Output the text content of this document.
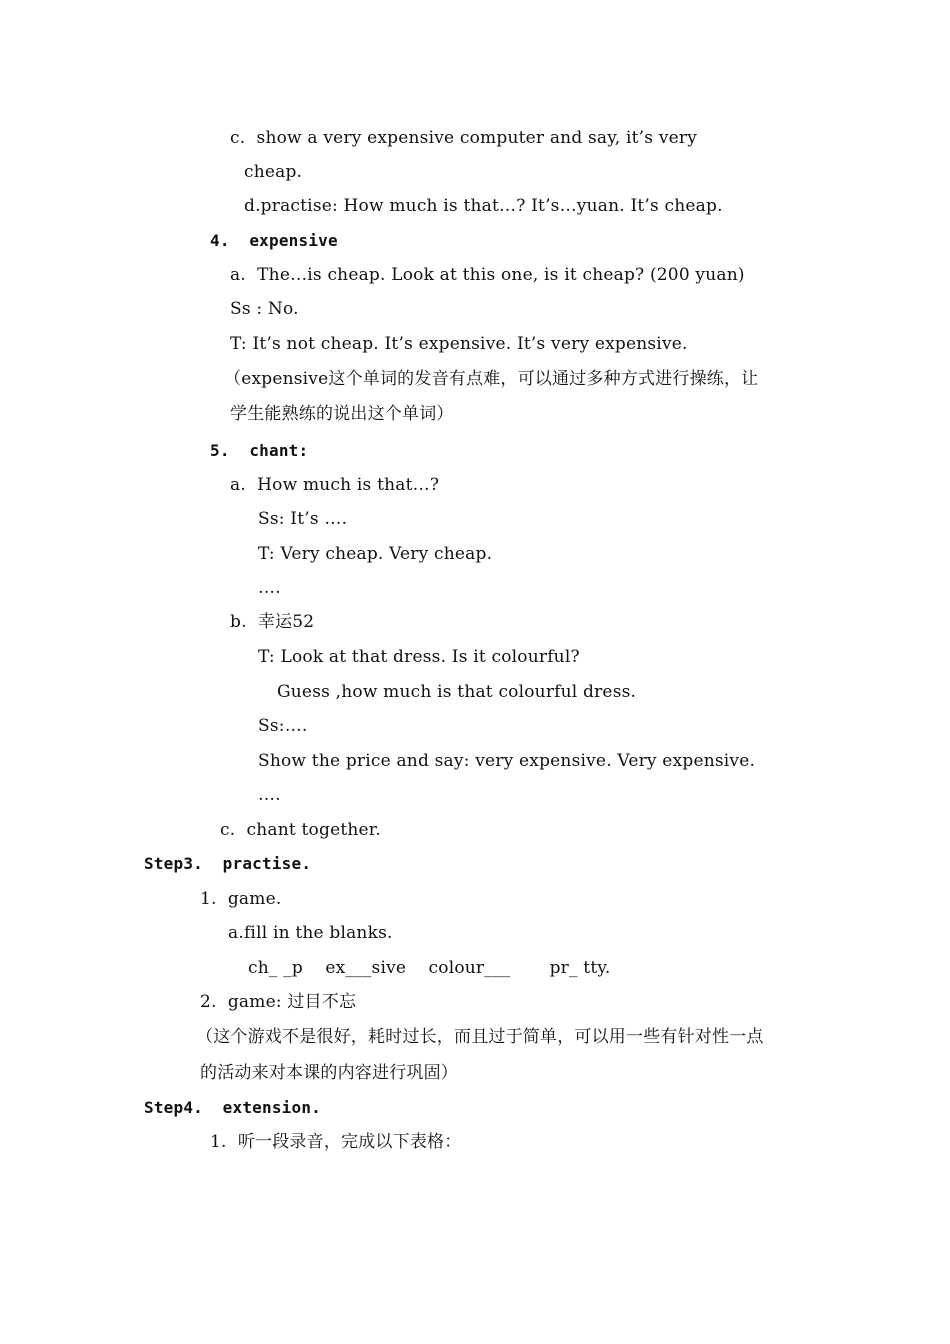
c.  show a very expensive computer and say, it’s very
cheap.
d.practise: How much is that…? It’s…yuan. It’s cheap.
4.  expensive
a.  The…is cheap. Look at this one, is it cheap? (200 yuan)
Ss : No.
T: It’s not cheap. It’s expensive. It’s very expensive.
（expensive这个单词的发音有点难，可以通过多种方式进行操练，让
学生能熟练的说出这个单词）
5.  chant:
a.  How much is that…?
Ss: It’s ….
T: Very cheap. Very cheap.
….
b.  幸运52
T: Look at that dress. Is it colourful?
Guess ,how much is that colourful dress.
Ss:….
Show the price and say: very expensive. Very expensive.
….
c.  chant together.
Step3.  practise.
1.  game.
a.fill in the blanks.
ch_ _p    ex___sive    colour___       pr_ tty.
2.  game: 过目不忘
（这个游戏不是很好，耗时过长，而且过于简单，可以用一些有针对性一点
的活动来对本课的内容进行巩固）
Step4.  extension.
1.  听一段录音，完成以下表格：
